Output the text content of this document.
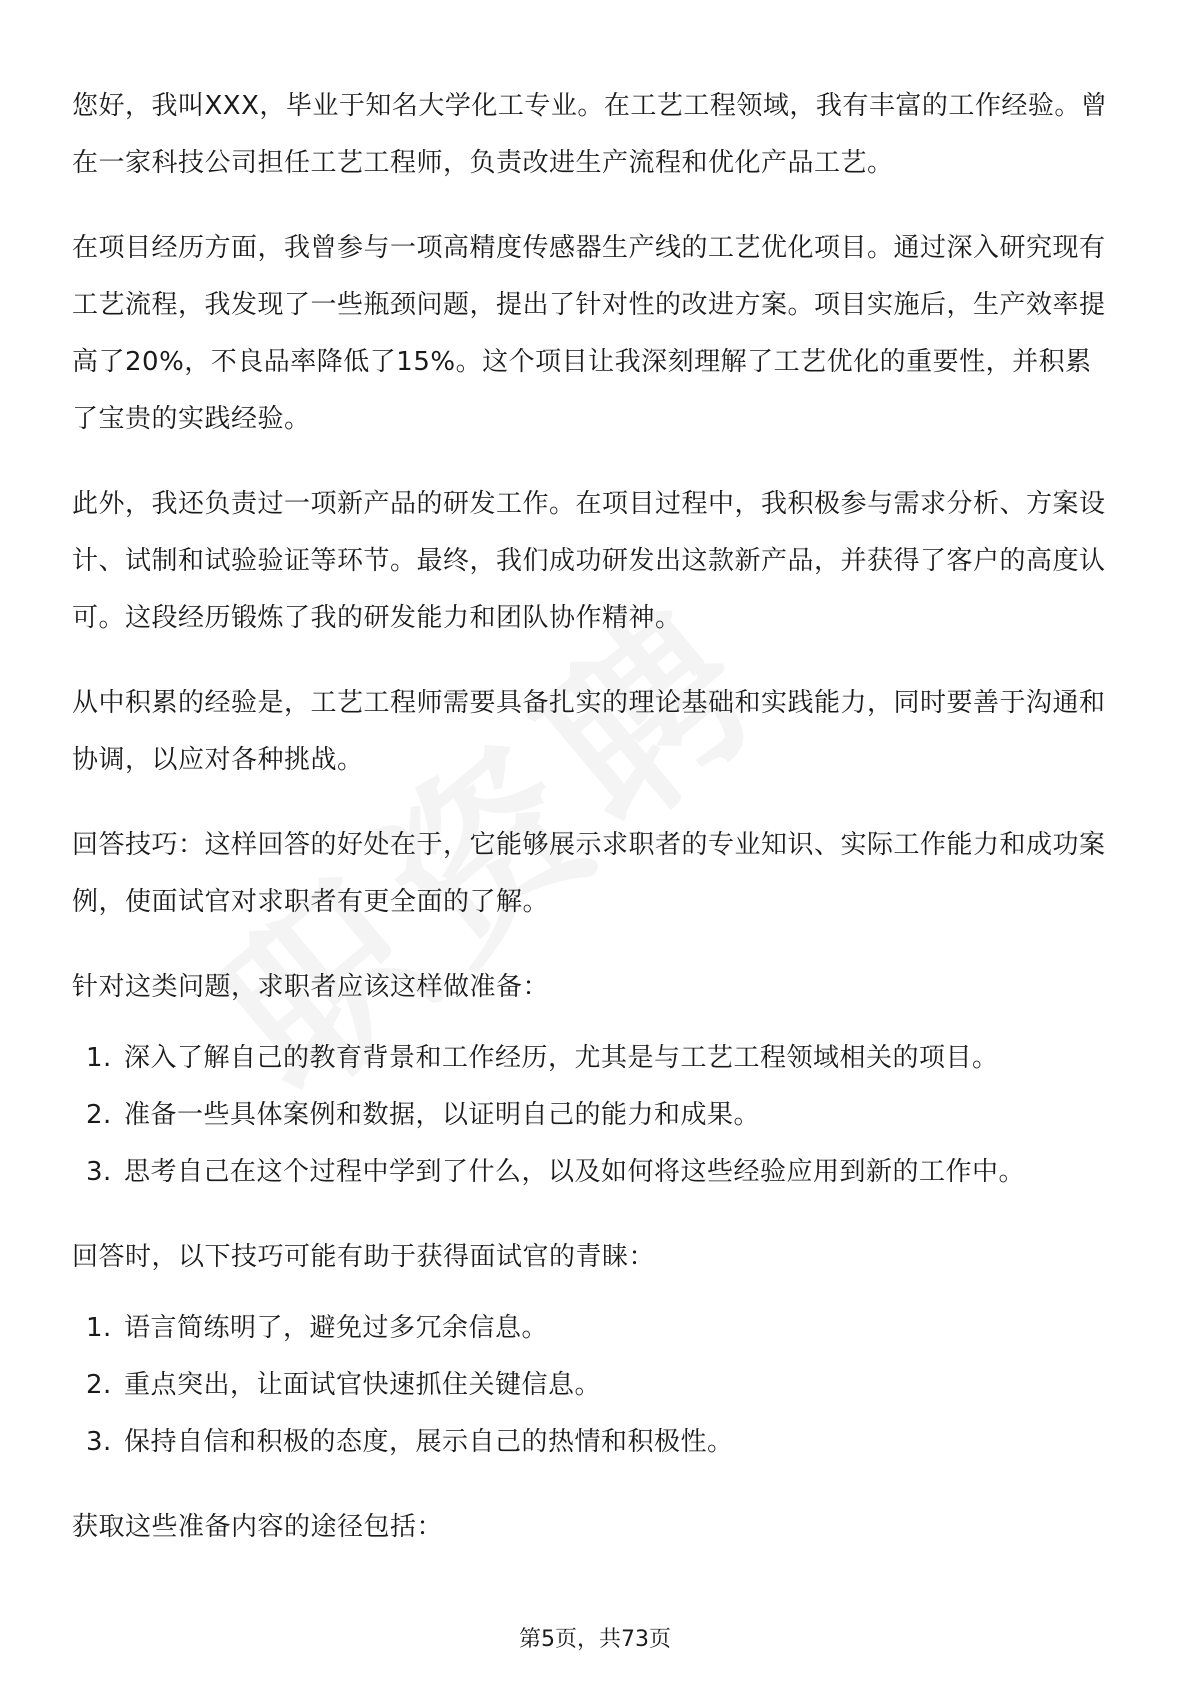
您好，我叫XXX，毕业于知名大学化工专业。在工艺工程领域，我有丰富的工作经验。曾在一家科技公司担任工艺工程师，负责改进生产流程和优化产品工艺。

在项目经历方面，我曾参与一项高精度传感器生产线的工艺优化项目。通过深入研究现有工艺流程，我发现了一些瓶颈问题，提出了针对性的改进方案。项目实施后，生产效率提高了20%，不良品率降低了15%。这个项目让我深刻理解了工艺优化的重要性，并积累了宝贵的实践经验。

此外，我还负责过一项新产品的研发工作。在项目过程中，我积极参与需求分析、方案设计、试制和试验验证等环节。最终，我们成功研发出这款新产品，并获得了客户的高度认可。这段经历锻炼了我的研发能力和团队协作精神。

从中积累的经验是，工艺工程师需要具备扎实的理论基础和实践能力，同时要善于沟通和协调，以应对各种挑战。

回答技巧：这样回答的好处在于，它能够展示求职者的专业知识、实际工作能力和成功案例，使面试官对求职者有更全面的了解。

针对这类问题，求职者应该这样做准备：

1. 深入了解自己的教育背景和工作经历，尤其是与工艺工程领域相关的项目。
2. 准备一些具体案例和数据，以证明自己的能力和成果。
3. 思考自己在这个过程中学到了什么，以及如何将这些经验应用到新的工作中。

回答时，以下技巧可能有助于获得面试官的青睐：

1. 语言简练明了，避免过多冗余信息。
2. 重点突出，让面试官快速抓住关键信息。
3. 保持自信和积极的态度，展示自己的热情和积极性。

获取这些准备内容的途径包括：

第5页，共73页
